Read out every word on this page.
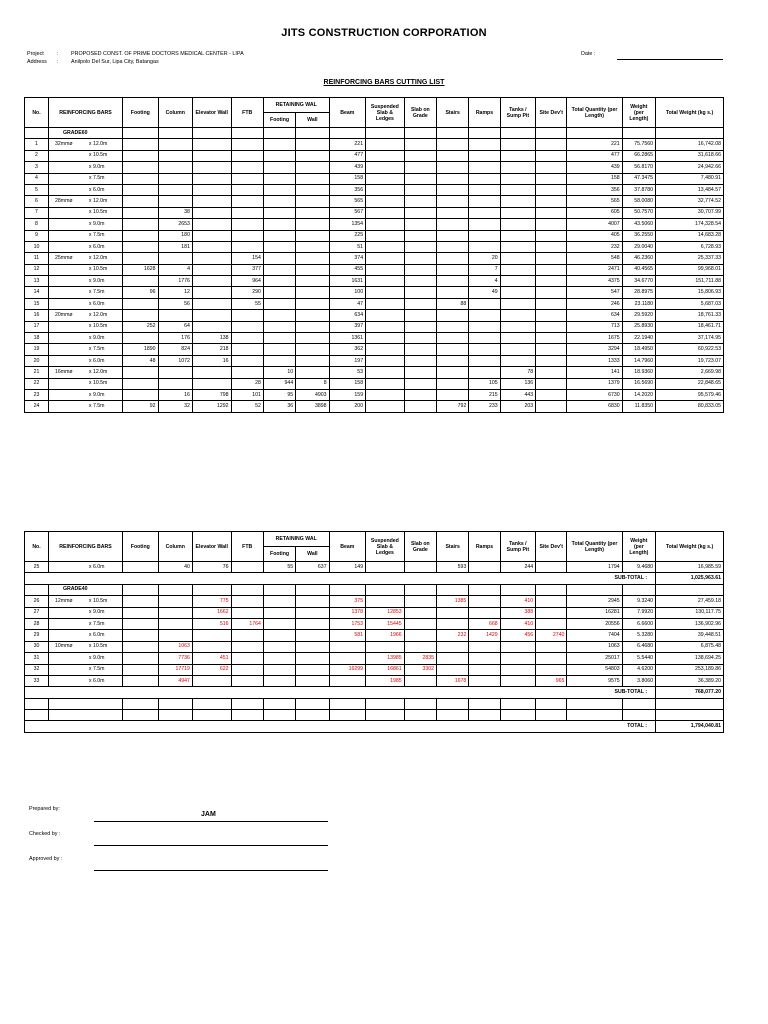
JITS CONSTRUCTION CORPORATION
Project : PROPOSED CONST. OF PRIME DOCTORS MEDICAL CENTER - LIPA
Address : Anilpolo Del Sur, Lipa City, Batangas
Date :
REINFORCING BARS CUTTING LIST
No.	REINFORCING BARS		Footing	Column	Elevator Wall	FTB	RETAINING WAL		Beam	Suspended Slab & Ledges	Slab on Grade	Stairs	Ramps	Tanks / Sump Pit	Site Dev't	Total Quantity (per Length)	Weight (per Length)	Total Weight (kg s.)
							Footing	Wall										
	GRADE60																	
1	32mmø	x 12.0m							221							221	75.7560	16,742.08
2		x 10.5m							477							477	66.2865	31,618.66
3		x 9.0m							439							439	56.8170	24,942.66
4		x 7.5m							158							158	47.3475	7,480.91
5		x 6.0m							356							356	37.8780	13,484.57
6	28mmø	x 12.0m							565							565	58.0080	32,774.52
7		x 10.5m		38					567							605	50.7570	30,707.99
8		x 9.0m		2653					1354							4007	43.5060	174,328.54
9		x 7.5m		180					225							405	36.2550	14,683.28
10		x 6.0m		181					51							232	29.0040	6,728.93
11	25mmø	x 12.0m				154			374				20			548	46.2360	25,337.33
12		x 10.5m	1628	4		377			455				7			2471	40.4565	99,968.01
13		x 9.0m		1776		964			1631				4			4375	34.6770	151,711.88
14		x 7.5m	96	12		290			100				49			547	28.8975	15,806.93
15		x 6.0m		56		55			47			88				246	23.1180	5,687.03
16	20mmø	x 12.0m							634							634	29.5920	18,761.33
17		x 10.5m	252	64					397							713	25.8930	18,461.71
18		x 9.0m		176	138				1361							1675	22.1940	37,174.95
19		x 7.5m	1890	824	218				362							3294	18.4950	60,922.53
20		x 6.0m	48	1072	16				197							1333	14.7960	19,723.07
21	16mmø	x 12.0m					10		53					78		141	18.9360	2,669.98
22		x 10.5m				28	944	8	158				105	136		1379	16.5690	22,848.65
23		x 9.0m		16	798	101	95	4903	159				215	443		6730	14.2020	95,579.46
24		x 7.5m	92	32	1292	52	36	3898	200			792	233	203		6830	11.8350	80,833.05
No.	REINFORCING BARS		Footing	Column	Elevator Wall	FTB	RETAINING WAL		Beam	Suspended Slab & Ledges	Slab on Grade	Stairs	Ramps	Tanks / Sump Pit	Site Dev't	Total Quantity (per Length)	Weight (per Length)	Total Weight (kg s.)
							Footing	Wall										
25		x 6.0m		40	76		55	637	149			593		244		1794	9.4680	16,985.59
SUB-TOTAL :																		1,025,963.61
	GRADE40																	
26	12mmø	x 10.5m			775				375			1385		410		2945	9.3240	27,459.18
27		x 9.0m			1662				1378	12853				388		16281	7.9920	130,117.75
28		x 7.5m			516	1764			1753	15445			668	410		20556	6.6600	136,902.96
29		x 6.0m							581	1966		232	1429	456	2740	7404	5.3280	39,448.51
30	10mmø	x 10.5m		1063												1063	6.4680	6,875.48
31		x 9.0m		7736	451					13985	2835					25017	5.5440	138,694.25
32		x 7.5m		17719	622				16299	16861	3302					54803	4.6200	253,189.86
33		x 6.0m		4947						1985		1678			965	9575	3.8060	36,389.20
SUB-TOTAL :																		768,077.20

TOTAL :																		1,794,040.81
Prepared by:
JAM
Checked by :
Approved by :
